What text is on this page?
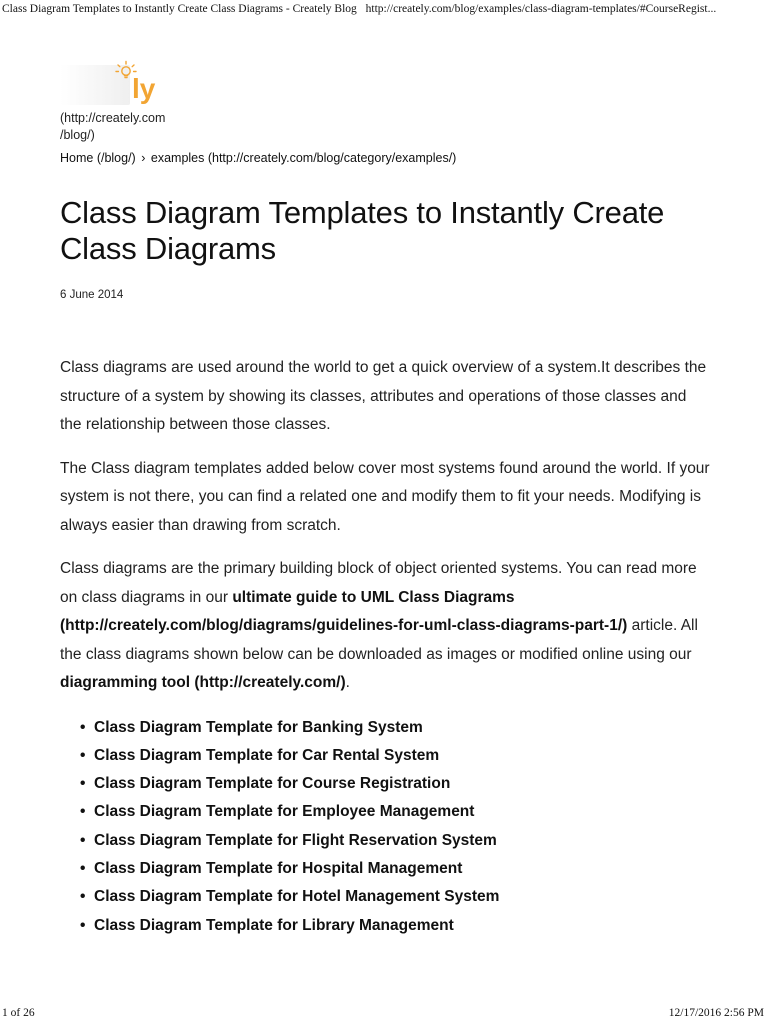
Class Diagram Templates to Instantly Create Class Diagrams - Creately Blog http://creately.com/blog/examples/class-diagram-templates/#CourseRegist...
ly
(http://creately.com
/blog/)
Home (/blog/) › examples (http://creately.com/blog/category/examples/)
Class Diagram Templates to Instantly Create Class Diagrams
6 June 2014

Class diagrams are used around the world to get a quick overview of a system.It describes the structure of a system by showing its classes, attributes and operations of those classes and the relationship between those classes.

The Class diagram templates added below cover most systems found around the world. If your system is not there, you can find a related one and modify them to fit your needs. Modifying is always easier than drawing from scratch.

Class diagrams are the primary building block of object oriented systems. You can read more on class diagrams in our ultimate guide to UML Class Diagrams (http://creately.com/blog/diagrams/guidelines-for-uml-class-diagrams-part-1/) article. All the class diagrams shown below can be downloaded as images or modified online using our diagramming tool (http://creately.com/).

• Class Diagram Template for Banking System
• Class Diagram Template for Car Rental System
• Class Diagram Template for Course Registration
• Class Diagram Template for Employee Management
• Class Diagram Template for Flight Reservation System
• Class Diagram Template for Hospital Management
• Class Diagram Template for Hotel Management System
• Class Diagram Template for Library Management
1 of 26	12/17/2016 2:56 PM
